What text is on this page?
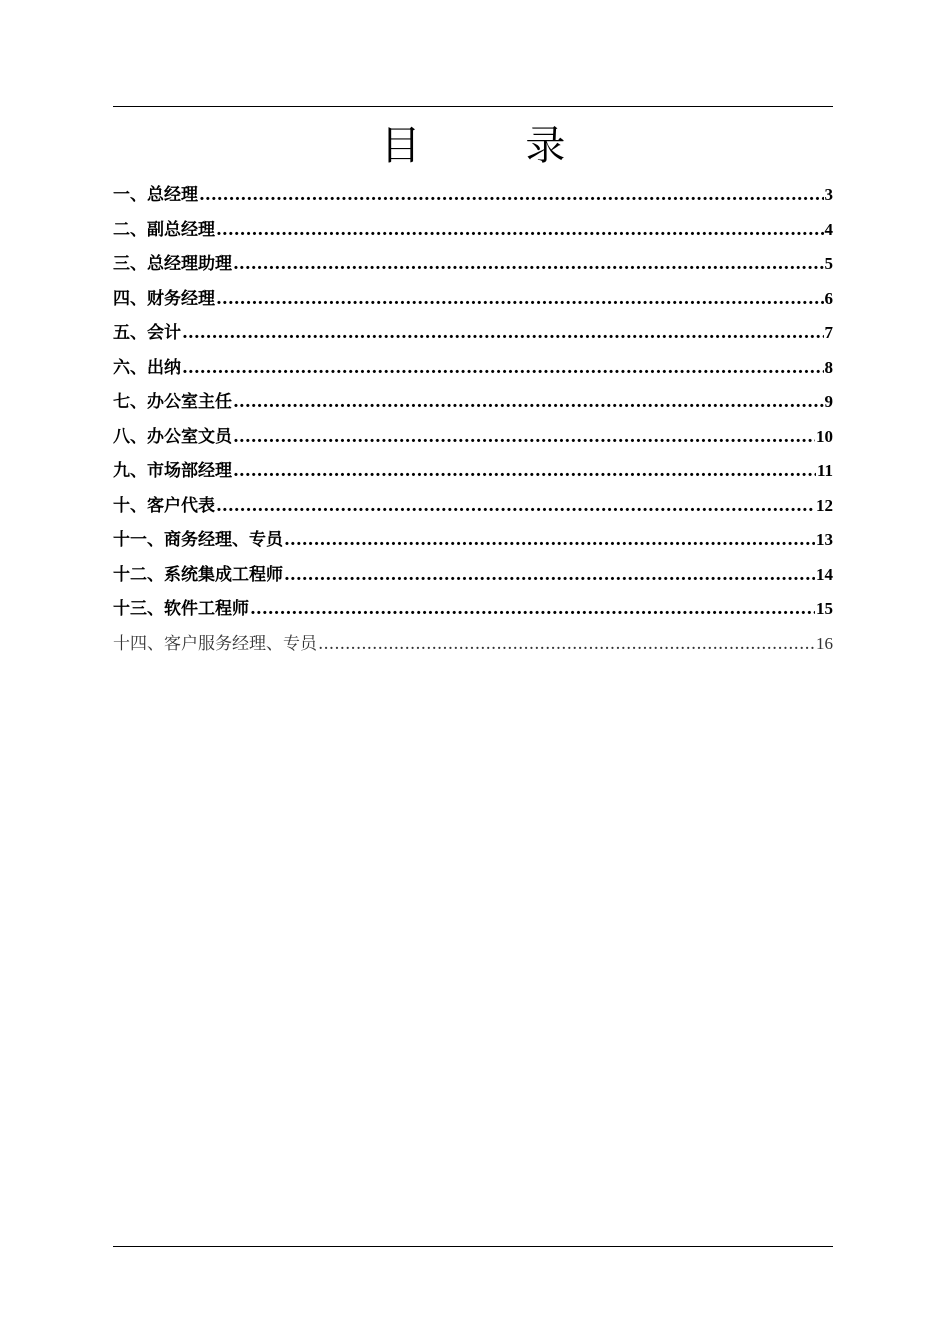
目 录
一、总经理 .....	3
二、副总经理 .....	4
三、总经理助理 .....	5
四、财务经理 .....	6
五、会计 .....	7
六、出纳 .....	8
七、办公室主任 .....	9
八、办公室文员 .....	10
九、市场部经理 .....	11
十、客户代表 .....	12
十一、商务经理、专员 .....	13
十二、系统集成工程师 .....	14
十三、软件工程师 .....	15
十四、客户服务经理、专员 .....	16
